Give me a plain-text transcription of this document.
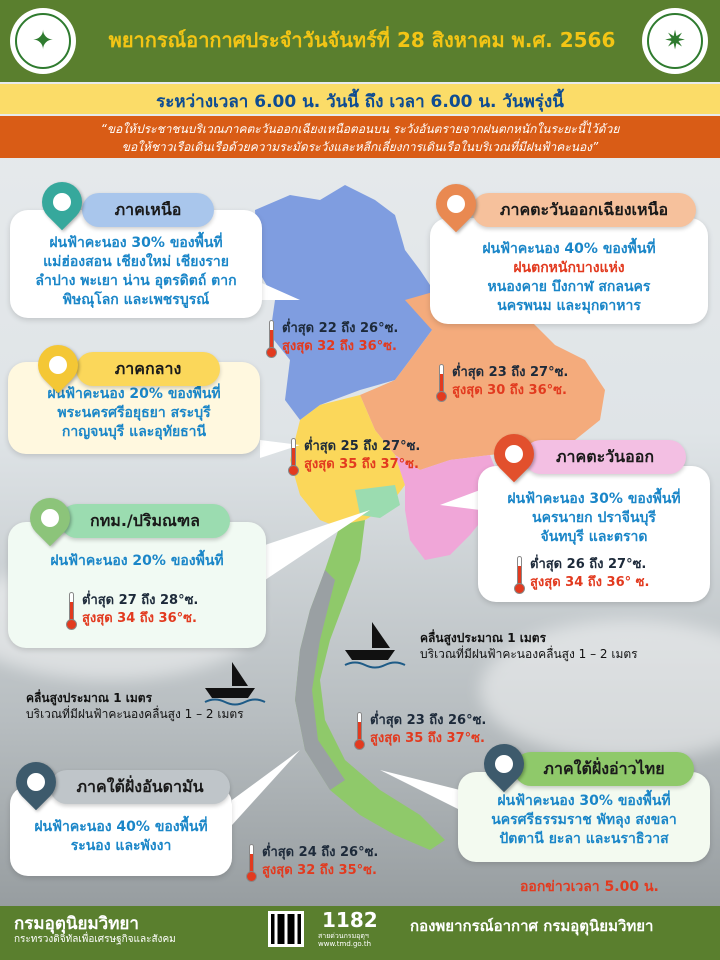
✦	✷
พยากรณ์อากาศประจำวันจันทร์ที่ 28 สิงหาคม พ.ศ. 2566
ระหว่างเวลา 6.00 น. วันนี้ ถึง เวลา 6.00 น. วันพรุ่งนี้
“ขอให้ประชาชนบริเวณภาคตะวันออกเฉียงเหนือตอนบน ระวังอันตรายจากฝนตกหนักในระยะนี้ไว้ด้วย
ขอให้ชาวเรือเดินเรือด้วยความระมัดระวังและหลีกเลี่ยงการเดินเรือในบริเวณที่มีฝนฟ้าคะนอง”
ฝนฟ้าคะนอง 30% ของพื้นที่
แม่ฮ่องสอน เชียงใหม่ เชียงราย
ลำปาง พะเยา น่าน อุตรดิตถ์ ตาก
พิษณุโลก และเพชรบูรณ์
ภาคเหนือ
ต่ำสุด 22 ถึง 26°ซ.
สูงสุด 32 ถึง 36°ซ.
ฝนฟ้าคะนอง 40% ของพื้นที่
ฝนตกหนักบางแห่ง
หนองคาย บึงกาฬ สกลนคร
นครพนม และมุกดาหาร
ภาคตะวันออกเฉียงเหนือ
ต่ำสุด 23 ถึง 27°ซ.
สูงสุด 30 ถึง 36°ซ.
ฝนฟ้าคะนอง 20% ของพื้นที่
พระนครศรีอยุธยา สระบุรี
กาญจนบุรี และอุทัยธานี
ภาคกลาง
ต่ำสุด 25 ถึง 27°ซ.
สูงสุด 35 ถึง 37°ซ.
ฝนฟ้าคะนอง 30% ของพื้นที่
นครนายก ปราจีนบุรี
จันทบุรี และตราด
ภาคตะวันออก
ต่ำสุด 26 ถึง 27°ซ.
สูงสุด 34 ถึง 36° ซ.
ฝนฟ้าคะนอง 20% ของพื้นที่
กทม./ปริมณฑล
ต่ำสุด 27 ถึง 28°ซ.
สูงสุด 34 ถึง 36°ซ.
คลื่นสูงประมาณ 1 เมตร
บริเวณที่มีฝนฟ้าคะนองคลื่นสูง 1 – 2 เมตร
คลื่นสูงประมาณ 1 เมตร
บริเวณที่มีฝนฟ้าคะนองคลื่นสูง 1 – 2 เมตร	ต่ำสุด 23 ถึง 26°ซ.
สูงสุด 35 ถึง 37°ซ.
ต่ำสุด 24 ถึง 26°ซ.
สูงสุด 32 ถึง 35°ซ.
ฝนฟ้าคะนอง 30% ของพื้นที่
นครศรีธรรมราช พัทลุง สงขลา
ปัตตานี ยะลา และนราธิวาส
ภาคใต้ฝั่งอ่าวไทย
ฝนฟ้าคะนอง 40% ของพื้นที่
ระนอง และพังงา
ภาคใต้ฝั่งอันดามัน
ออกข่าวเวลา 5.00 น.
กรมอุตุนิยมวิทยา
กระทรวงดิจิทัลเพื่อเศรษฐกิจและสังคม
1182
สายด่วนกรมอุตุฯ
www.tmd.go.th
กองพยากรณ์อากาศ กรมอุตุนิยมวิทยา
